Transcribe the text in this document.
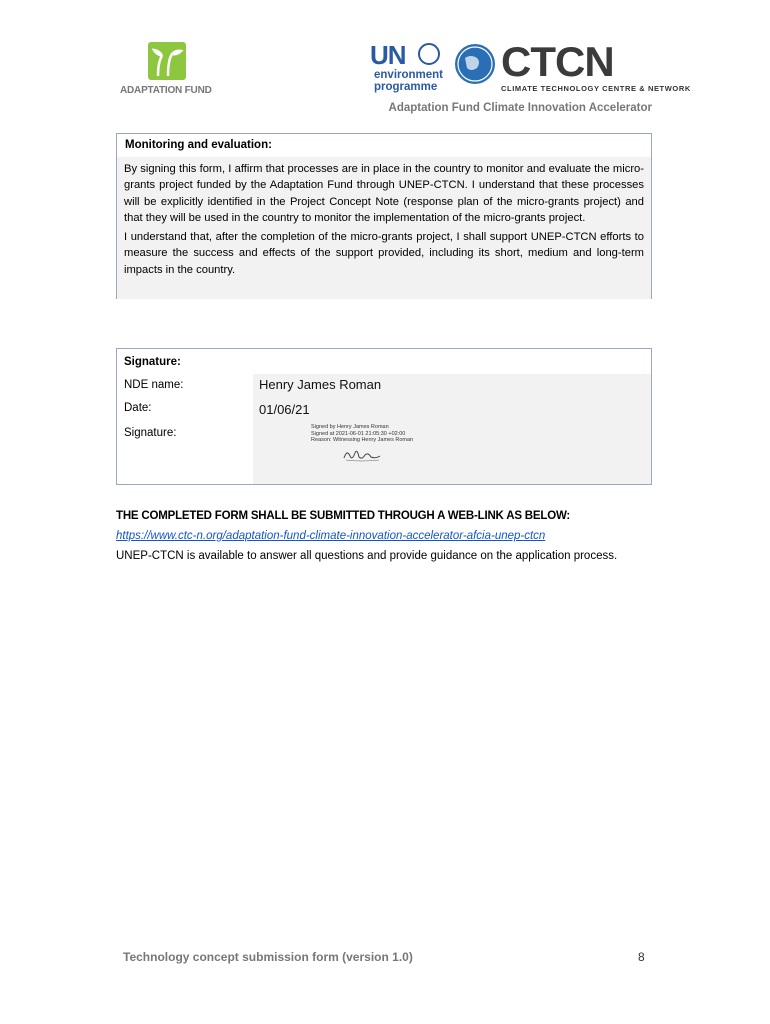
ADAPTATION FUND
UN
environment programme
CTCN
CLIMATE TECHNOLOGY CENTRE & NETWORK
Adaptation Fund Climate Innovation Accelerator
Monitoring and evaluation:

By signing this form, I affirm that processes are in place in the country to monitor and evaluate the micro-grants project funded by the Adaptation Fund through UNEP-CTCN. I understand that these processes will be explicitly identified in the Project Concept Note (response plan of the micro-grants project) and that they will be used in the country to monitor the implementation of the micro-grants project.

I understand that, after the completion of the micro-grants project, I shall support UNEP-CTCN efforts to measure the success and effects of the support provided, including its short, medium and long-term impacts in the country.

Signature:
NDE name:
Date:
Signature:
Henry James Roman
01/06/21
Signed by Henry James Roman
Signed at 2021-06-01 21:05:30 +02:00
Reason: Witnessing Henry James Roman
THE COMPLETED FORM SHALL BE SUBMITTED THROUGH A WEB-LINK AS BELOW:
https://www.ctc-n.org/adaptation-fund-climate-innovation-accelerator-afcia-unep-ctcn
UNEP-CTCN is available to answer all questions and provide guidance on the application process.
Technology concept submission form (version 1.0)	8
